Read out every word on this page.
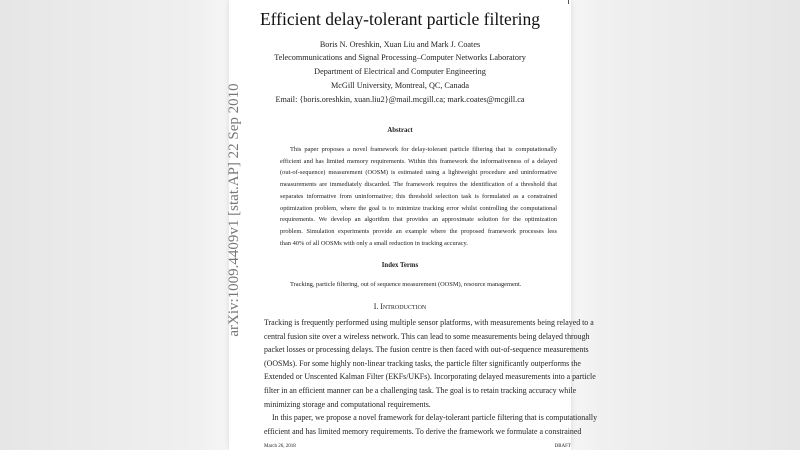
arXiv:1009.4409v1 [stat.AP] 22 Sep 2010
Efficient delay-tolerant particle filtering
Boris N. Oreshkin, Xuan Liu and Mark J. Coates
Telecommunications and Signal Processing–Computer Networks Laboratory
Department of Electrical and Computer Engineering
McGill University, Montreal, QC, Canada
Email: {boris.oreshkin, xuan.liu2}@mail.mcgill.ca; mark.coates@mcgill.ca
Abstract
This paper proposes a novel framework for delay-tolerant particle filtering that is computationally
efficient and has limited memory requirements. Within this framework the informativeness of a delayed
(out-of-sequence) measurement (OOSM) is estimated using a lightweight procedure and uninformative
measurements are immediately discarded. The framework requires the identification of a threshold that
separates informative from uninformative; this threshold selection task is formulated as a constrained
optimization problem, where the goal is to minimize tracking error whilst controlling the computational
requirements. We develop an algorithm that provides an approximate solution for the optimization
problem. Simulation experiments provide an example where the proposed framework processes less
than 40% of all OOSMs with only a small reduction in tracking accuracy.
Index Terms
Tracking, particle filtering, out of sequence measurement (OOSM), resource management.
I. Introduction
Tracking is frequently performed using multiple sensor platforms, with measurements being relayed to a
central fusion site over a wireless network. This can lead to some measurements being delayed through
packet losses or processing delays. The fusion centre is then faced with out-of-sequence measurements
(OOSMs). For some highly non-linear tracking tasks, the particle filter significantly outperforms the
Extended or Unscented Kalman Filter (EKFs/UKFs). Incorporating delayed measurements into a particle
filter in an efficient manner can be a challenging task. The goal is to retain tracking accuracy while
minimizing storage and computational requirements.
In this paper, we propose a novel framework for delay-tolerant particle filtering that is computationally
efficient and has limited memory requirements. To derive the framework we formulate a constrained
March 26, 2018	DRAFT
